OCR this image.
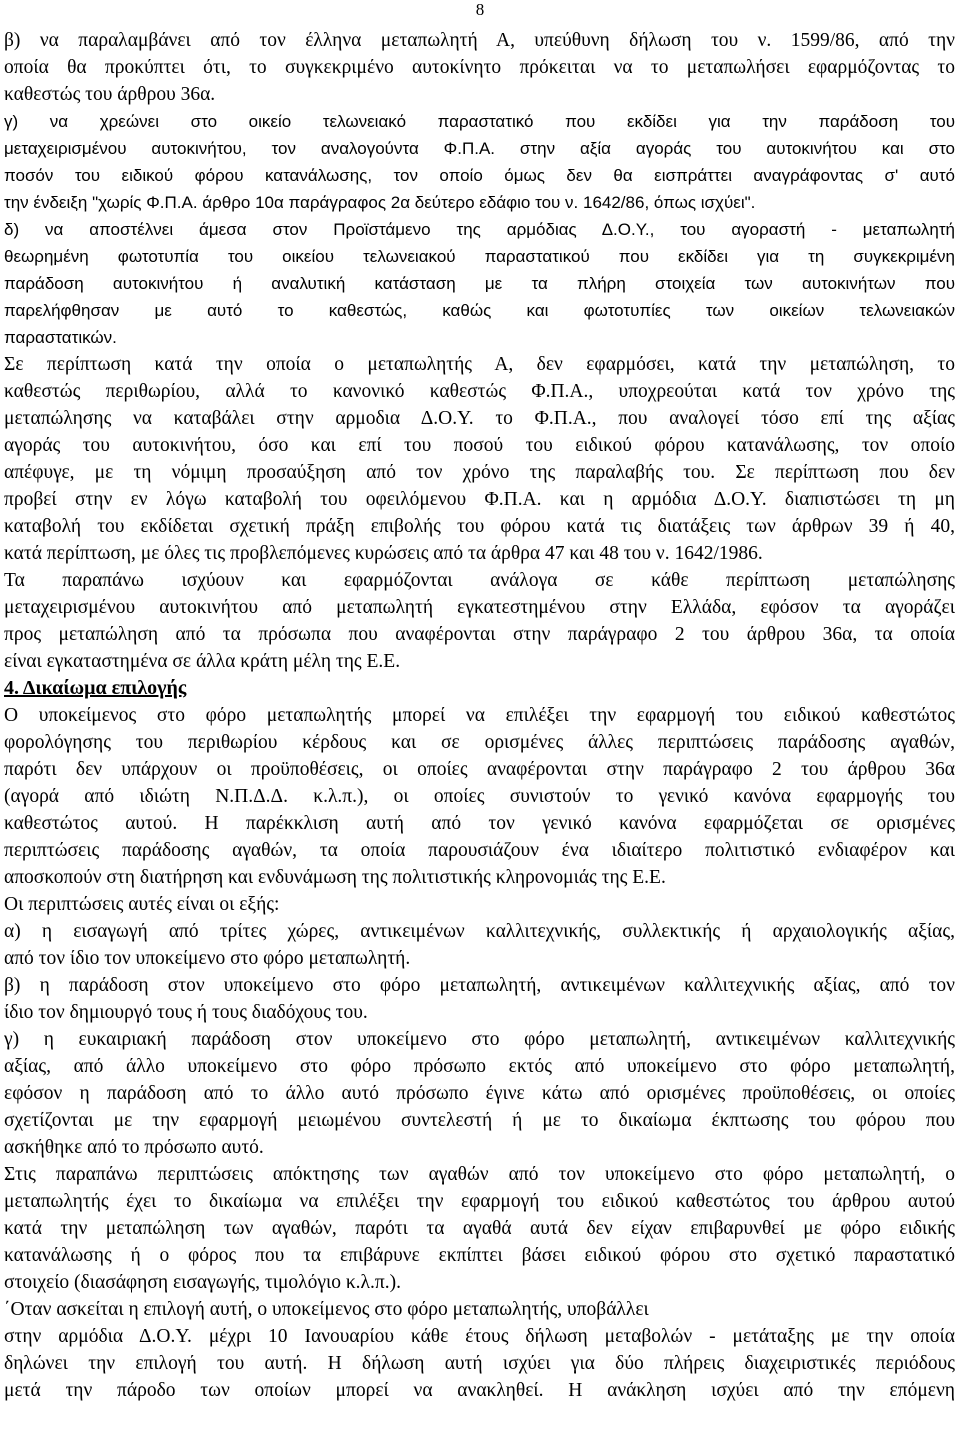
8
β) να παραλαμβάνει από τον έλληνα μεταπωλητή Α, υπεύθυνη δήλωση του ν. 1599/86, από την
οποία θα προκύπτει ότι, το συγκεκριμένο αυτοκίνητο πρόκειται να το μεταπωλήσει εφαρμόζοντας το
καθεστώς του άρθρου 36α.
γ) να χρεώνει στο οικείο τελωνειακό παραστατικό που εκδίδει για την παράδοση του
μεταχειρισμένου αυτοκινήτου, τον αναλογούντα Φ.Π.Α. στην αξία αγοράς του αυτοκινήτου και στο
ποσόν του ειδικού φόρου κατανάλωσης, τον οποίο όμως δεν θα εισπράττει αναγράφοντας σ' αυτό
την ένδειξη "χωρίς Φ.Π.Α. άρθρο 10α παράγραφος 2α δεύτερο εδάφιο του ν. 1642/86, όπως ισχύει".
δ) να αποστέλνει άμεσα στον Προϊστάμενο της αρμόδιας Δ.Ο.Υ., του αγοραστή - μεταπωλητή
θεωρημένη φωτοτυπία του οικείου τελωνειακού παραστατικού που εκδίδει για τη συγκεκριμένη
παράδοση αυτοκινήτου ή αναλυτική κατάσταση με τα πλήρη στοιχεία των αυτοκινήτων που
παρελήφθησαν με αυτό το καθεστώς, καθώς και φωτοτυπίες των οικείων τελωνειακών
παραστατικών.
Σε περίπτωση κατά την οποία ο μεταπωλητής Α, δεν εφαρμόσει, κατά την μεταπώληση, το
καθεστώς περιθωρίου, αλλά το κανονικό καθεστώς Φ.Π.Α., υποχρεούται κατά τον χρόνο της
μεταπώλησης να καταβάλει στην αρμοδια Δ.Ο.Υ. το Φ.Π.Α., που αναλογεί τόσο επί της αξίας
αγοράς του αυτοκινήτου, όσο και επί του ποσού του ειδικού φόρου κατανάλωσης, τον οποίο
απέφυγε, με τη νόμιμη προσαύξηση από τον χρόνο της παραλαβής του. Σε περίπτωση που δεν
προβεί στην εν λόγω καταβολή του οφειλόμενου Φ.Π.Α. και η αρμόδια Δ.Ο.Υ. διαπιστώσει τη μη
καταβολή του εκδίδεται σχετική πράξη επιβολής του φόρου κατά τις διατάξεις των άρθρων 39 ή 40,
κατά περίπτωση, με όλες τις προβλεπόμενες κυρώσεις από τα άρθρα 47 και 48 του ν. 1642/1986.
Τα παραπάνω ισχύουν και εφαρμόζονται ανάλογα σε κάθε περίπτωση μεταπώλησης
μεταχειρισμένου αυτοκινήτου από μεταπωλητή εγκατεστημένου στην Ελλάδα, εφόσον τα αγοράζει
προς μεταπώληση από τα πρόσωπα που αναφέρονται στην παράγραφο 2 του άρθρου 36α, τα οποία
είναι εγκαταστημένα σε άλλα κράτη μέλη της Ε.Ε.
4. Δικαίωμα επιλογής
Ο υποκείμενος στο φόρο μεταπωλητής μπορεί να επιλέξει την εφαρμογή του ειδικού καθεστώτος
φορολόγησης του περιθωρίου κέρδους και σε ορισμένες άλλες περιπτώσεις παράδοσης αγαθών,
παρότι δεν υπάρχουν οι προϋποθέσεις, οι οποίες αναφέρονται στην παράγραφο 2 του άρθρου 36α
(αγορά από ιδιώτη Ν.Π.Δ.Δ. κ.λ.π.), οι οποίες συνιστούν το γενικό κανόνα εφαρμογής του
καθεστώτος αυτού. Η παρέκκλιση αυτή από τον γενικό κανόνα εφαρμόζεται σε ορισμένες
περιπτώσεις παράδοσης αγαθών, τα οποία παρουσιάζουν ένα ιδιαίτερο πολιτιστικό ενδιαφέρον και
αποσκοπούν στη διατήρηση και ενδυνάμωση της πολιτιστικής κληρονομιάς της Ε.Ε.
Οι περιπτώσεις αυτές είναι οι εξής:
α) η εισαγωγή από τρίτες χώρες, αντικειμένων καλλιτεχνικής, συλλεκτικής ή αρχαιολογικής αξίας,
από τον ίδιο τον υποκείμενο στο φόρο μεταπωλητή.
β) η παράδοση στον υποκείμενο στο φόρο μεταπωλητή, αντικειμένων καλλιτεχνικής αξίας, από τον
ίδιο τον δημιουργό τους ή τους διαδόχους του.
γ) η ευκαιριακή παράδοση στον υποκείμενο στο φόρο μεταπωλητή, αντικειμένων καλλιτεχνικής
αξίας, από άλλο υποκείμενο στο φόρο πρόσωπο εκτός από υποκείμενο στο φόρο μεταπωλητή,
εφόσον η παράδοση από το άλλο αυτό πρόσωπο έγινε κάτω από ορισμένες προϋποθέσεις, οι οποίες
σχετίζονται με την εφαρμογή μειωμένου συντελεστή ή με το δικαίωμα έκπτωσης του φόρου που
ασκήθηκε από το πρόσωπο αυτό.
Στις παραπάνω περιπτώσεις απόκτησης των αγαθών από τον υποκείμενο στο φόρο μεταπωλητή, ο
μεταπωλητής έχει το δικαίωμα να επιλέξει την εφαρμογή του ειδικού καθεστώτος του άρθρου αυτού
κατά την μεταπώληση των αγαθών, παρότι τα αγαθά αυτά δεν είχαν επιβαρυνθεί με φόρο ειδικής
κατανάλωσης ή ο φόρος που τα επιβάρυνε εκπίπτει βάσει ειδικού φόρου στο σχετικό παραστατικό
στοιχείο (διασάφηση εισαγωγής, τιμολόγιο κ.λ.π.).
΄Οταν ασκείται η επιλογή αυτή, ο υποκείμενος στο φόρο μεταπωλητής, υποβάλλει
στην αρμόδια Δ.Ο.Υ. μέχρι 10 Ιανουαρίου κάθε έτους δήλωση μεταβολών - μετάταξης με την οποία
δηλώνει την επιλογή του αυτή. Η δήλωση αυτή ισχύει για δύο πλήρεις διαχειριστικές περιόδους
μετά την πάροδο των οποίων μπορεί να ανακληθεί. Η ανάκληση ισχύει από την επόμενη
